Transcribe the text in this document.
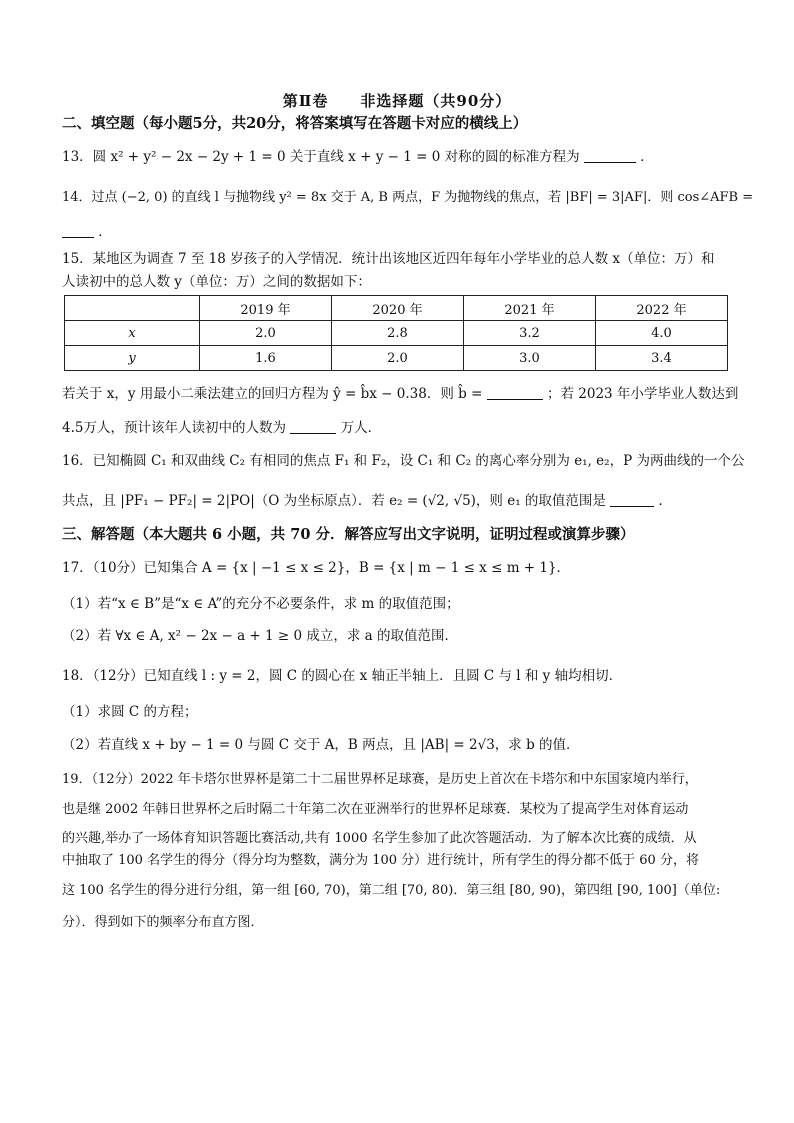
第Ⅱ卷　　非选择题（共90分）
二、填空题（每小题5分，共20分，将答案填写在答题卡对应的横线上）
13．圆 x² + y² − 2x − 2y + 1 = 0 关于直线 x + y − 1 = 0 对称的圆的标准方程为	．
14．过点 (−2, 0) 的直线 l 与抛物线 y² = 8x 交于 A, B 两点，F 为抛物线的焦点，若 |BF| = 3|AF|．则 cos∠AFB =
．
15．某地区为调查 7 至 18 岁孩子的入学情况．统计出该地区近四年每年小学毕业的总人数 x（单位：万）和
人读初中的总人数 y（单位：万）之间的数据如下：
	2019 年	2020 年	2021 年	2022 年
x	2.0	2.8	3.2	4.0
y	1.6	2.0	3.0	3.4
若关于 x，y 用最小二乘法建立的回归方程为 ŷ = b̂x − 0.38．则 b̂ =	；若 2023 年小学毕业人数达到
4.5万人，预计该年人读初中的人数为	万人．
16．已知椭圆 C₁ 和双曲线 C₂ 有相同的焦点 F₁ 和 F₂，设 C₁ 和 C₂ 的离心率分别为 e₁, e₂，P 为两曲线的一个公
共点，且 |PF₁ − PF₂| = 2|PO|（O 为坐标原点）．若 e₂ = (√2, √5)，则 e₁ 的取值范围是	．
三、解答题（本大题共 6 小题，共 70 分．解答应写出文字说明，证明过程或演算步骤）
17．（10分）已知集合 A = {x | −1 ≤ x ≤ 2}，B = {x | m − 1 ≤ x ≤ m + 1}．
（1）若“x ∈ B”是“x ∈ A”的充分不必要条件，求 m 的取值范围；
（2）若 ∀x ∈ A, x² − 2x − a + 1 ≥ 0 成立，求 a 的取值范围．
18．（12分）已知直线 l : y = 2，圆 C 的圆心在 x 轴正半轴上．且圆 C 与 l 和 y 轴均相切．
（1）求圆 C 的方程；
（2）若直线 x + by − 1 = 0 与圆 C 交于 A，B 两点，且 |AB| = 2√3，求 b 的值．
19．（12分）2022 年卡塔尔世界杯是第二十二届世界杯足球赛，是历史上首次在卡塔尔和中东国家境内举行，
也是继 2002 年韩日世界杯之后时隔二十年第二次在亚洲举行的世界杯足球赛．某校为了提高学生对体育运动
的兴趣,举办了一场体育知识答题比赛活动,共有 1000 名学生参加了此次答题活动．为了解本次比赛的成绩．从
中抽取了 100 名学生的得分（得分均为整数，满分为 100 分）进行统计，所有学生的得分都不低于 60 分，将
这 100 名学生的得分进行分组，第一组 [60, 70)，第二组 [70, 80)．第三组 [80, 90)，第四组 [90, 100]（单位:
分）．得到如下的频率分布直方图．
